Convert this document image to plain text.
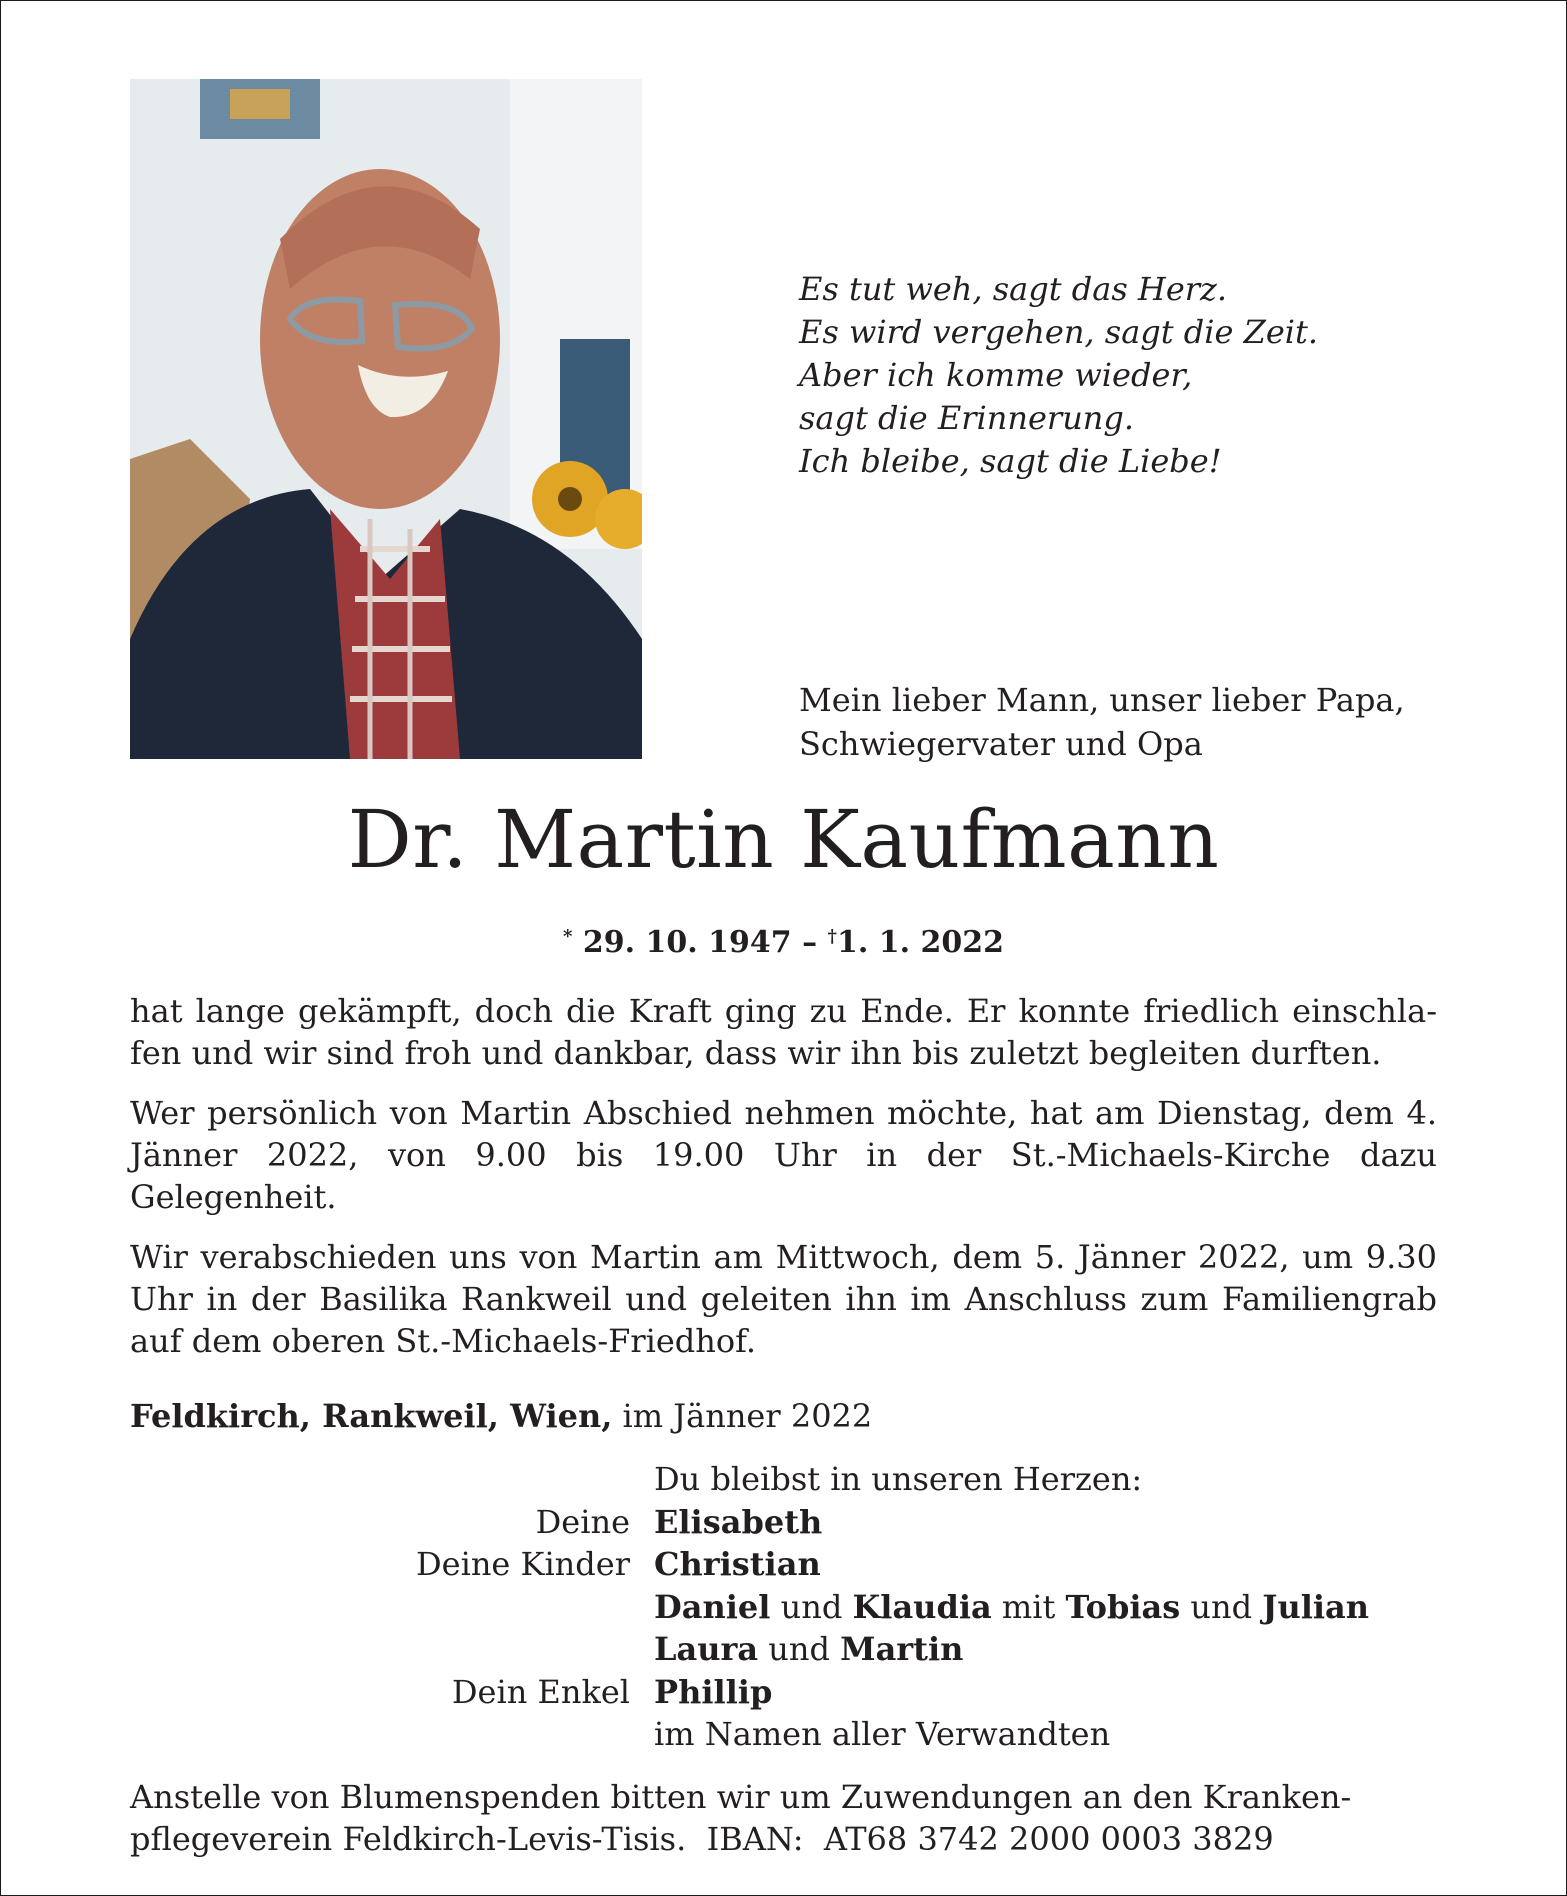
Es tut weh, sagt das Herz.
Es wird vergehen, sagt die Zeit.
Aber ich komme wieder,
sagt die Erinnerung.
Ich bleibe, sagt die Liebe!
Mein lieber Mann, unser lieber Papa,
Schwiegervater und Opa
Dr. Martin Kaufmann
* 29. 10. 1947 – †1. 1. 2022

hat lange gekämpft, doch die Kraft ging zu Ende. Er konnte friedlich einschla-fen und wir sind froh und dankbar, dass wir ihn bis zuletzt begleiten durften.

Wer persönlich von Martin Abschied nehmen möchte, hat am Dienstag, dem 4. Jänner 2022, von 9.00 bis 19.00 Uhr in der St.-Michaels-Kirche dazu Gelegenheit.

Wir verabschieden uns von Martin am Mittwoch, dem 5. Jänner 2022, um 9.30 Uhr in der Basilika Rankweil und geleiten ihn im Anschluss zum Familiengrab auf dem oberen St.-Michaels-Friedhof.

Feldkirch, Rankweil, Wien, im Jänner 2022
Du bleibst in unseren Herzen:
Deine Elisabeth
Deine Kinder Christian
Daniel und Klaudia mit Tobias und Julian
Laura und Martin
Dein Enkel Phillip
im Namen aller Verwandten
Anstelle von Blumenspenden bitten wir um Zuwendungen an den Kranken-
pflegeverein Feldkirch-Levis-Tisis.  IBAN:  AT68 3742 2000 0003 3829
